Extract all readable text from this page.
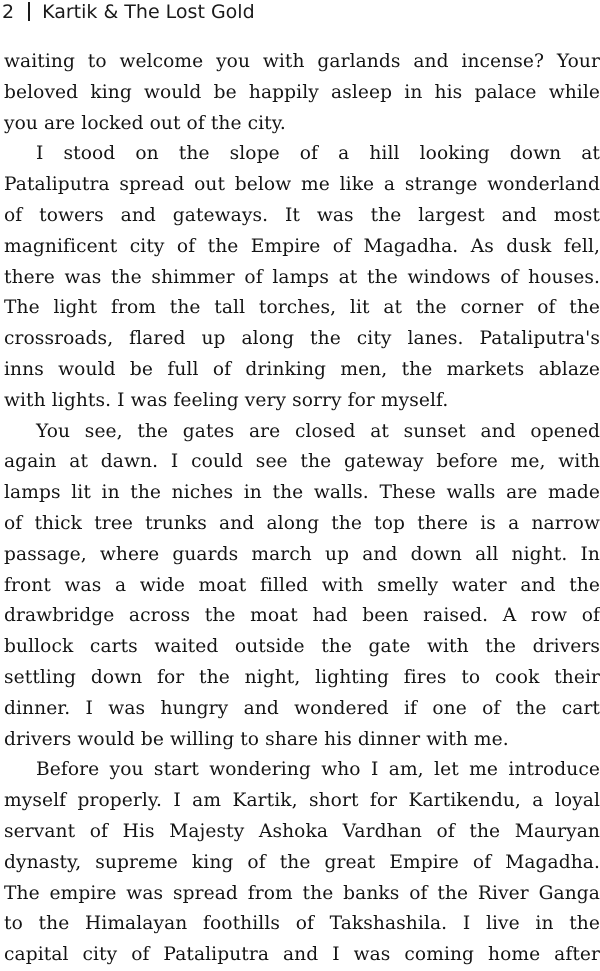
2 Kartik & The Lost Gold

waiting to welcome you with garlands and incense? Your

beloved king would be happily asleep in his palace while

you are locked out of the city.

I stood on the slope of a hill looking down at

Pataliputra spread out below me like a strange wonderland

of towers and gateways. It was the largest and most

magnificent city of the Empire of Magadha. As dusk fell,

there was the shimmer of lamps at the windows of houses.

The light from the tall torches, lit at the corner of the

crossroads, flared up along the city lanes. Pataliputra's

inns would be full of drinking men, the markets ablaze

with lights. I was feeling very sorry for myself.

You see, the gates are closed at sunset and opened

again at dawn. I could see the gateway before me, with

lamps lit in the niches in the walls. These walls are made

of thick tree trunks and along the top there is a narrow

passage, where guards march up and down all night. In

front was a wide moat filled with smelly water and the

drawbridge across the moat had been raised. A row of

bullock carts waited outside the gate with the drivers

settling down for the night, lighting fires to cook their

dinner. I was hungry and wondered if one of the cart

drivers would be willing to share his dinner with me.

Before you start wondering who I am, let me introduce

myself properly. I am Kartik, short for Kartikendu, a loyal

servant of His Majesty Ashoka Vardhan of the Mauryan

dynasty, supreme king of the great Empire of Magadha.

The empire was spread from the banks of the River Ganga

to the Himalayan foothills of Takshashila. I live in the

capital city of Pataliputra and I was coming home after
